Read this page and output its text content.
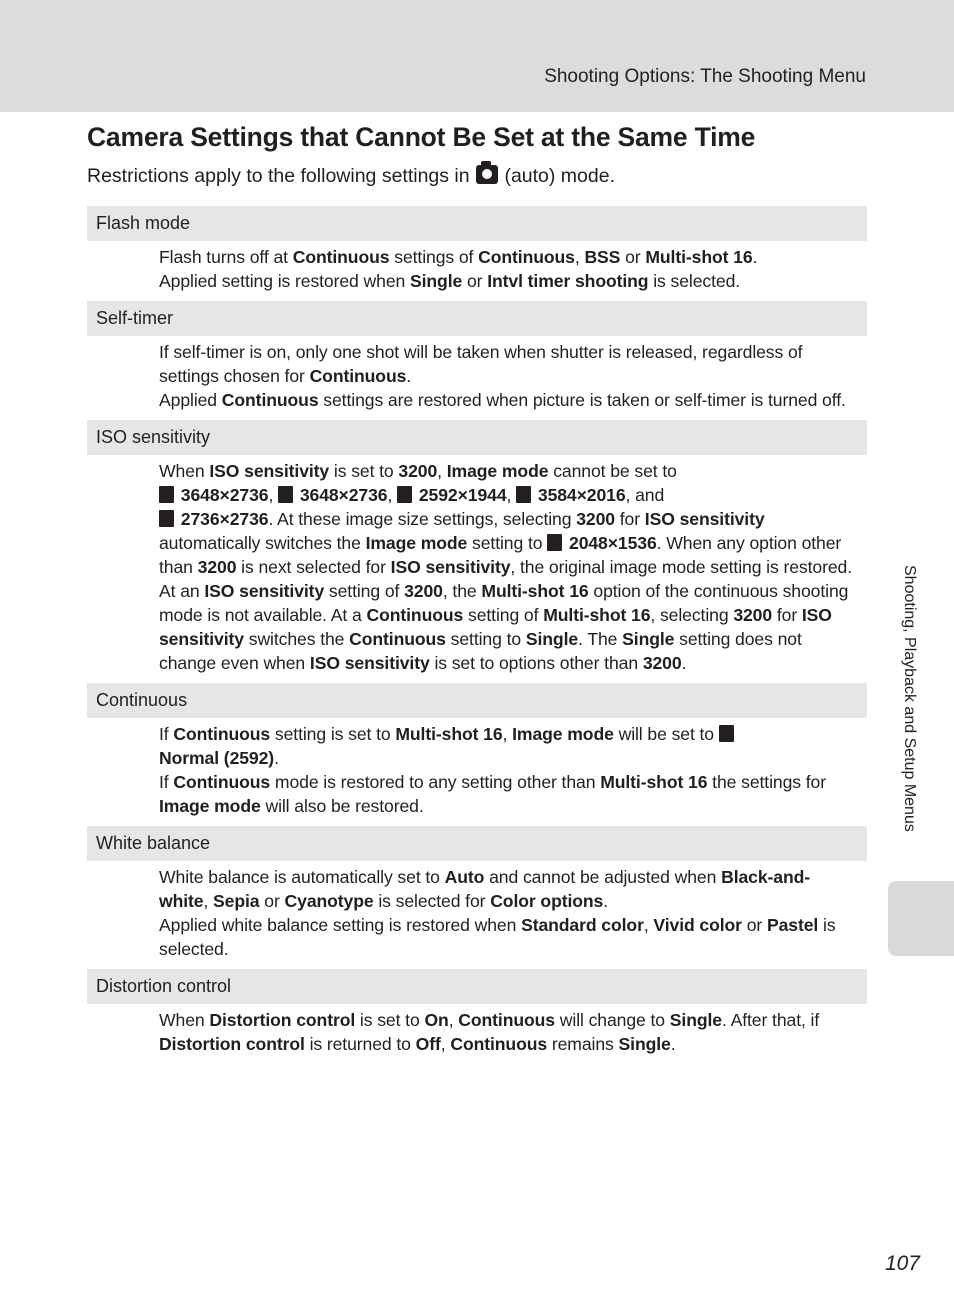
Shooting Options: The Shooting Menu
Camera Settings that Cannot Be Set at the Same Time
Restrictions apply to the following settings in  (auto) mode.
Flash mode

Flash turns off at Continuous settings of Continuous, BSS or Multi-shot 16.

Applied setting is restored when Single or Intvl timer shooting is selected.

Self-timer

If self-timer is on, only one shot will be taken when shutter is released, regardless of settings chosen for Continuous.

Applied Continuous settings are restored when picture is taken or self-timer is turned off.

ISO sensitivity

When ISO sensitivity is set to 3200, Image mode cannot be set to
3648×2736,  3648×2736,  2592×1944,  3584×2016, and
2736×2736. At these image size settings, selecting 3200 for ISO sensitivity automatically switches the Image mode setting to  2048×1536. When any option other than 3200 is next selected for ISO sensitivity, the original image mode setting is restored.

At an ISO sensitivity setting of 3200, the Multi-shot 16 option of the continuous shooting mode is not available. At a Continuous setting of Multi-shot 16, selecting 3200 for ISO sensitivity switches the Continuous setting to Single. The Single setting does not change even when ISO sensitivity is set to options other than 3200.

Continuous

If Continuous setting is set to Multi-shot 16, Image mode will be set to
Normal (2592).

If Continuous mode is restored to any setting other than Multi-shot 16 the settings for Image mode will also be restored.

White balance

White balance is automatically set to Auto and cannot be adjusted when Black-and-white, Sepia or Cyanotype is selected for Color options.

Applied white balance setting is restored when Standard color, Vivid color or Pastel is selected.

Distortion control

When Distortion control is set to On, Continuous will change to Single. After that, if Distortion control is returned to Off, Continuous remains Single.

Shooting, Playback and Setup Menus
107
